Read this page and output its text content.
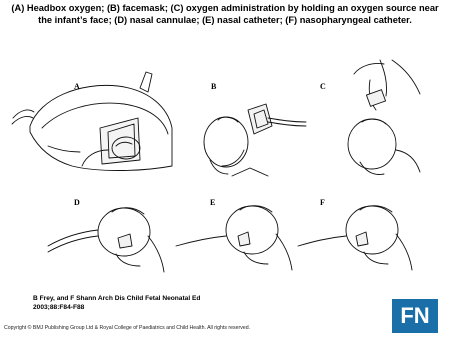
(A) Headbox oxygen; (B) facemask; (C) oxygen administration by holding an oxygen source near the infant’s face; (D) nasal cannulae; (E) nasal catheter; (F) nasopharyngeal catheter.
A	B	C
D	E	F
B Frey, and F Shann Arch Dis Child Fetal Neonatal Ed
2003;88:F84-F88
Copyright © BMJ Publishing Group Ltd & Royal College of Paediatrics and Child Health. All rights reserved.	FN
